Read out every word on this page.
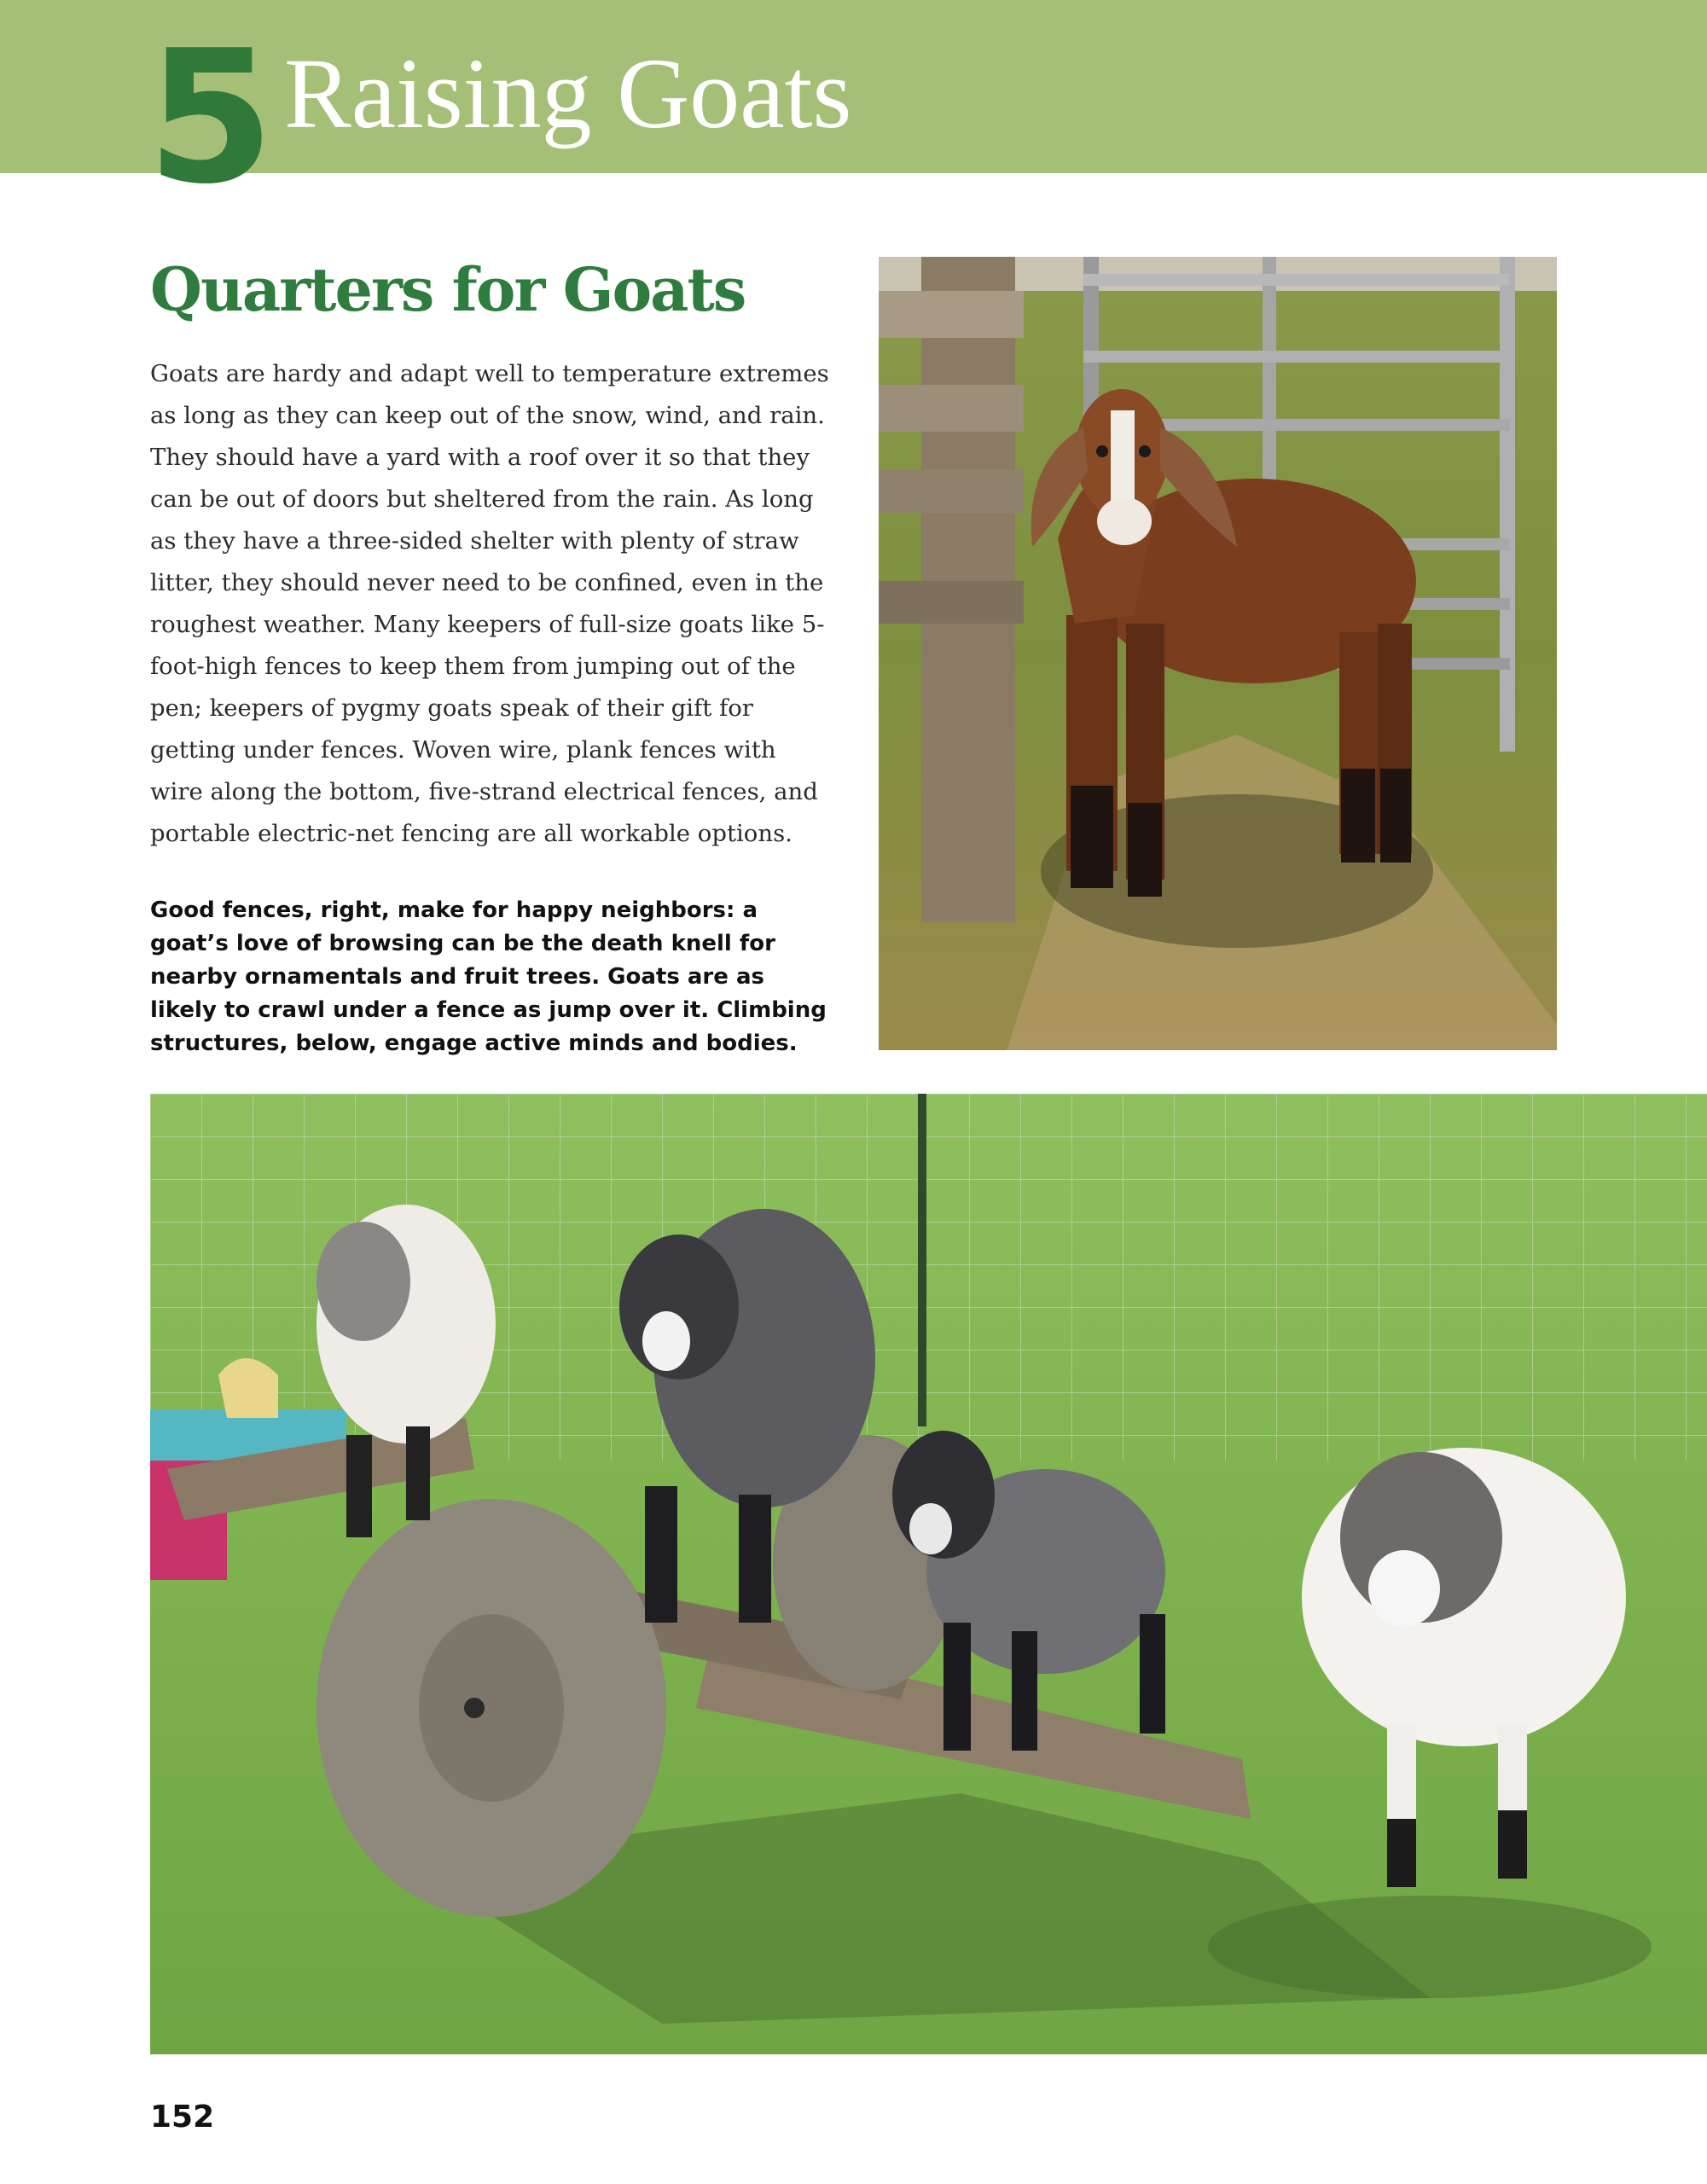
5 Raising Goats
Quarters for Goats

Goats are hardy and adapt well to temperature extremes as long as they can keep out of the snow, wind, and rain. They should have a yard with a roof over it so that they can be out of doors but sheltered from the rain. As long as they have a three-sided shelter with plenty of straw litter, they should never need to be confined, even in the roughest weather. Many keepers of full-size goats like 5-foot-high fences to keep them from jumping out of the pen; keepers of pygmy goats speak of their gift for getting under fences. Woven wire, plank fences with wire along the bottom, five-strand electrical fences, and portable electric-net fencing are all workable options.

Good fences, right, make for happy neighbors: a goat’s love of browsing can be the death knell for nearby ornamentals and fruit trees. Goats are as likely to crawl under a fence as jump over it. Climbing structures, below, engage active minds and bodies.

152
